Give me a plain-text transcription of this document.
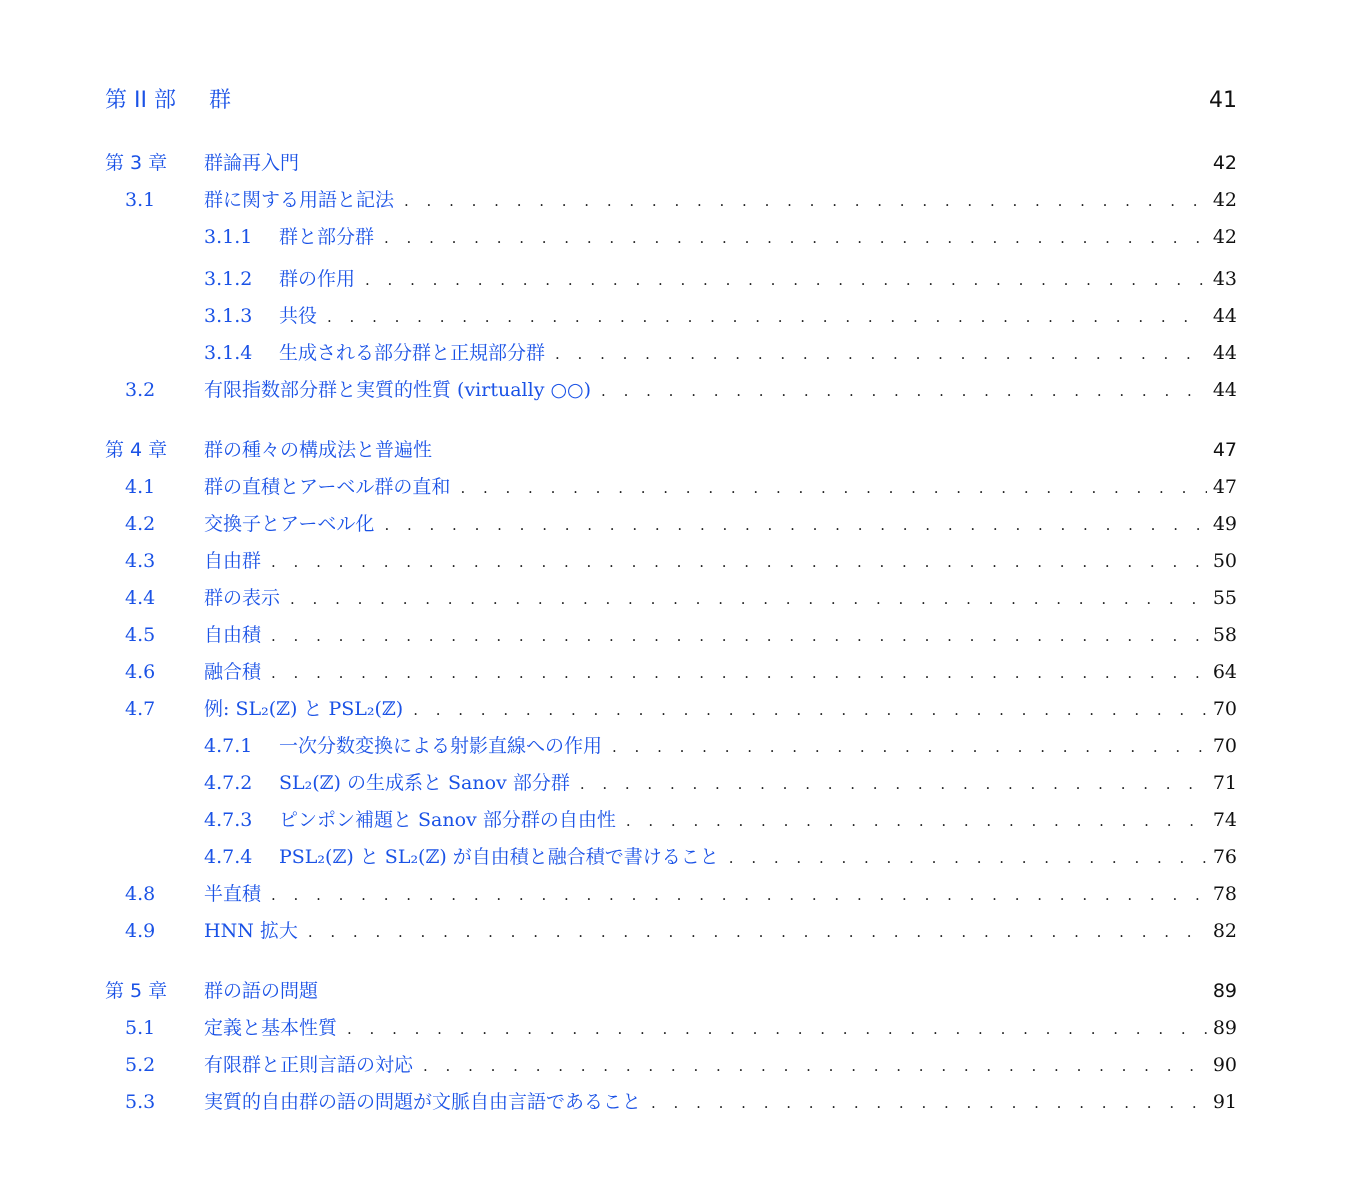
第 II 部 群	41
第 3 章 群論再入門	42
3.1	群に関する用語と記法 . . .	42
3.1.1	群と部分群 . . .	42
3.1.2	群の作用 . . .	43
3.1.3	共役 . . .	44
3.1.4	生成される部分群と正規部分群 . . .	44
3.2	有限指数部分群と実質的性質 (virtually ○○) . . .	44
第 4 章 群の種々の構成法と普遍性	47
4.1	群の直積とアーベル群の直和 . . .	47
4.2	交換子とアーベル化 . . .	49
4.3	自由群 . . .	50
4.4	群の表示 . . .	55
4.5	自由積 . . .	58
4.6	融合積 . . .	64
4.7	例: SL₂(ℤ) と PSL₂(ℤ) . . .	70
4.7.1	一次分数変換による射影直線への作用 . . .	70
4.7.2	SL₂(ℤ) の生成系と Sanov 部分群 . . .	71
4.7.3	ピンポン補題と Sanov 部分群の自由性 . . .	74
4.7.4	PSL₂(ℤ) と SL₂(ℤ) が自由積と融合積で書けること . . .	76
4.8	半直積 . . .	78
4.9	HNN 拡大 . . .	82
第 5 章 群の語の問題	89
5.1	定義と基本性質 . . .	89
5.2	有限群と正則言語の対応 . . .	90
5.3	実質的自由群の語の問題が文脈自由言語であること . . .	91
